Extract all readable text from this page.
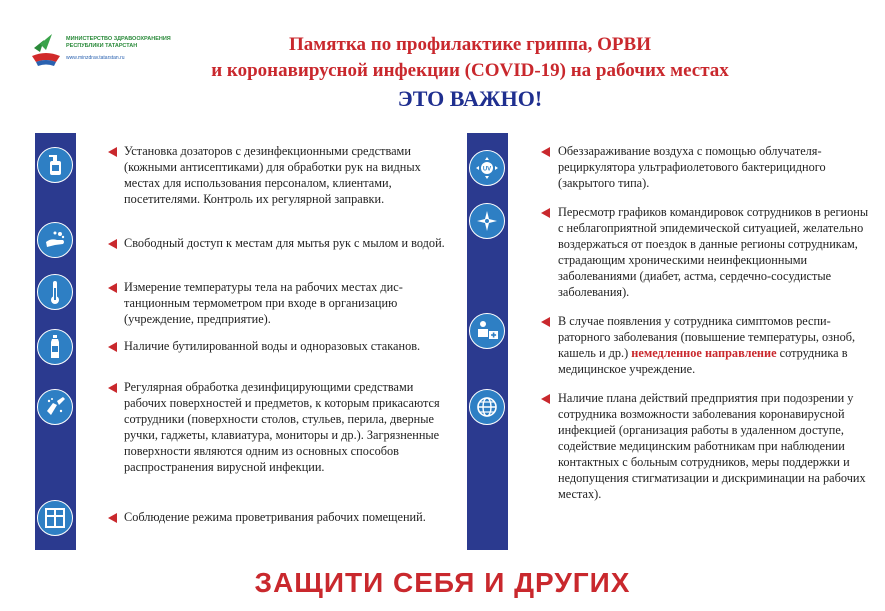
МИНИСТЕРСТВО ЗДРАВООХРАНЕНИЯ РЕСПУБЛИКИ ТАТАРСТАН
www.minzdrav.tatarstan.ru
Памятка по профилактике гриппа, ОРВИ
и коронавирусной инфекции (COVID-19) на рабочих местах
ЭТО ВАЖНО!
UV
Установка дозаторов с дезинфекционными средствами (кожными антисептиками) для обработки рук на видных местах для использования персоналом, клиентами, посетителями. Контроль их регулярной заправки.
Свободный доступ к местам для мытья рук с мылом и водой.
Измерение температуры тела на рабочих местах дистанционным термометром при входе в организацию (учреждение, предприятие).
Наличие бутилированной воды и одноразовых стаканов.
Регулярная обработка дезинфицирующими средствами рабочих поверхностей и предметов, к которым прикасаются сотрудники (поверхности столов, стульев, перила, дверные ручки, гаджеты, клавиатура, мониторы и др.). Загрязненные поверхности являются одним из основных способов распространения вирусной инфекции.
Соблюдение режима проветривания рабочих помещений.
Обеззараживание воздуха с помощью облучателя-рециркулятора ультрафиолетового бактерицидного (закрытого типа).
Пересмотр графиков командировок сотрудников в регионы с неблагоприятной эпидемической ситуацией, желательно воздержаться от поездок в данные регионы сотрудникам, страдающим хроническими неинфекционными заболеваниями (диабет, астма, сердечно-сосудистые заболевания).
В случае появления у сотрудника симптомов респираторного заболевания (повышение температуры, озноб, кашель и др.) немедленное направление сотрудника в медицинское учреждение.
Наличие плана действий предприятия при подозрении у сотрудника возможности заболевания коронавирусной инфекцией (организация работы в удаленном доступе, содействие медицинским работникам при наблюдении контактных с больным сотрудников, меры поддержки и недопущения стигматизации и дискриминации на рабочих местах).
ЗАЩИТИ СЕБЯ И ДРУГИХ
